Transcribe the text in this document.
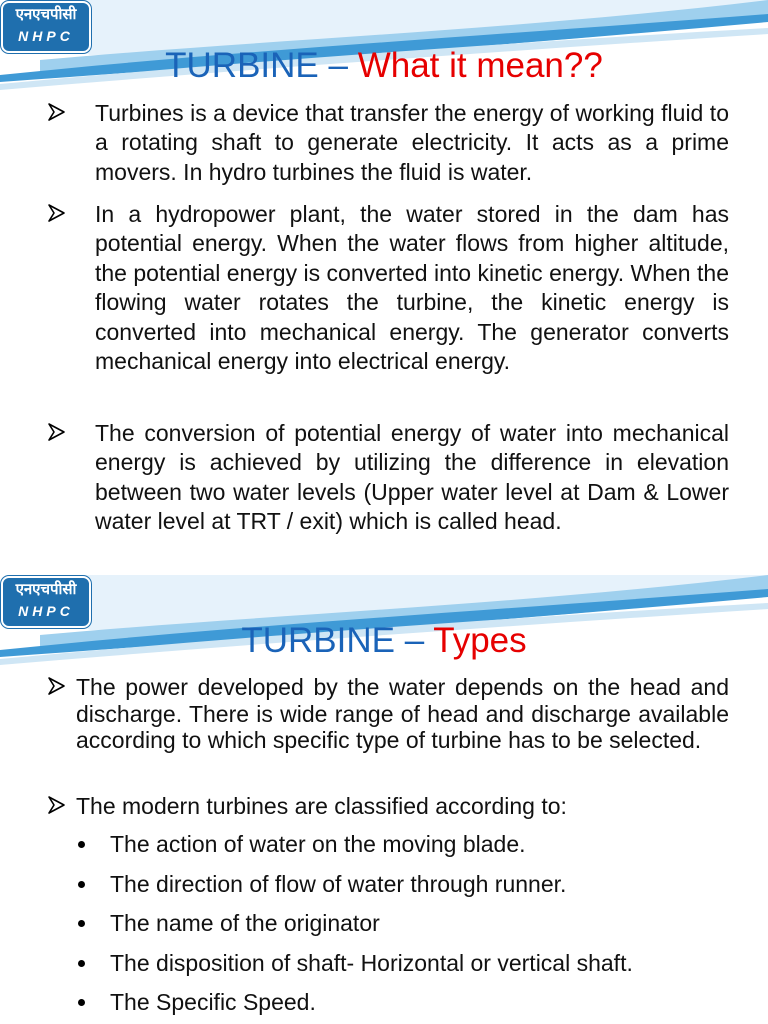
एनएचपीसी
NHPC
TURBINE – What it mean??
Turbines is a device that transfer the energy of working fluid to a rotating shaft to generate electricity. It acts as a prime movers. In hydro turbines the fluid is water.
In a hydropower plant, the water stored in the dam has potential energy. When the water flows from higher altitude, the potential energy is converted into kinetic energy. When the flowing water rotates the turbine, the kinetic energy is converted into mechanical energy. The generator converts mechanical energy into electrical energy.
The conversion of potential energy of water into mechanical energy is achieved by utilizing the difference in elevation between two water levels (Upper water level at Dam & Lower water level at TRT / exit) which is called head.
एनएचपीसी
NHPC
TURBINE – Types
The power developed by the water depends on the head and discharge. There is wide range of head and discharge available according to which specific type of turbine has to be selected.
The modern turbines are classified according to:
The action of water on the moving blade.
The direction of flow of water through runner.
The name of the originator
The disposition of shaft- Horizontal or vertical shaft.
The Specific Speed.
